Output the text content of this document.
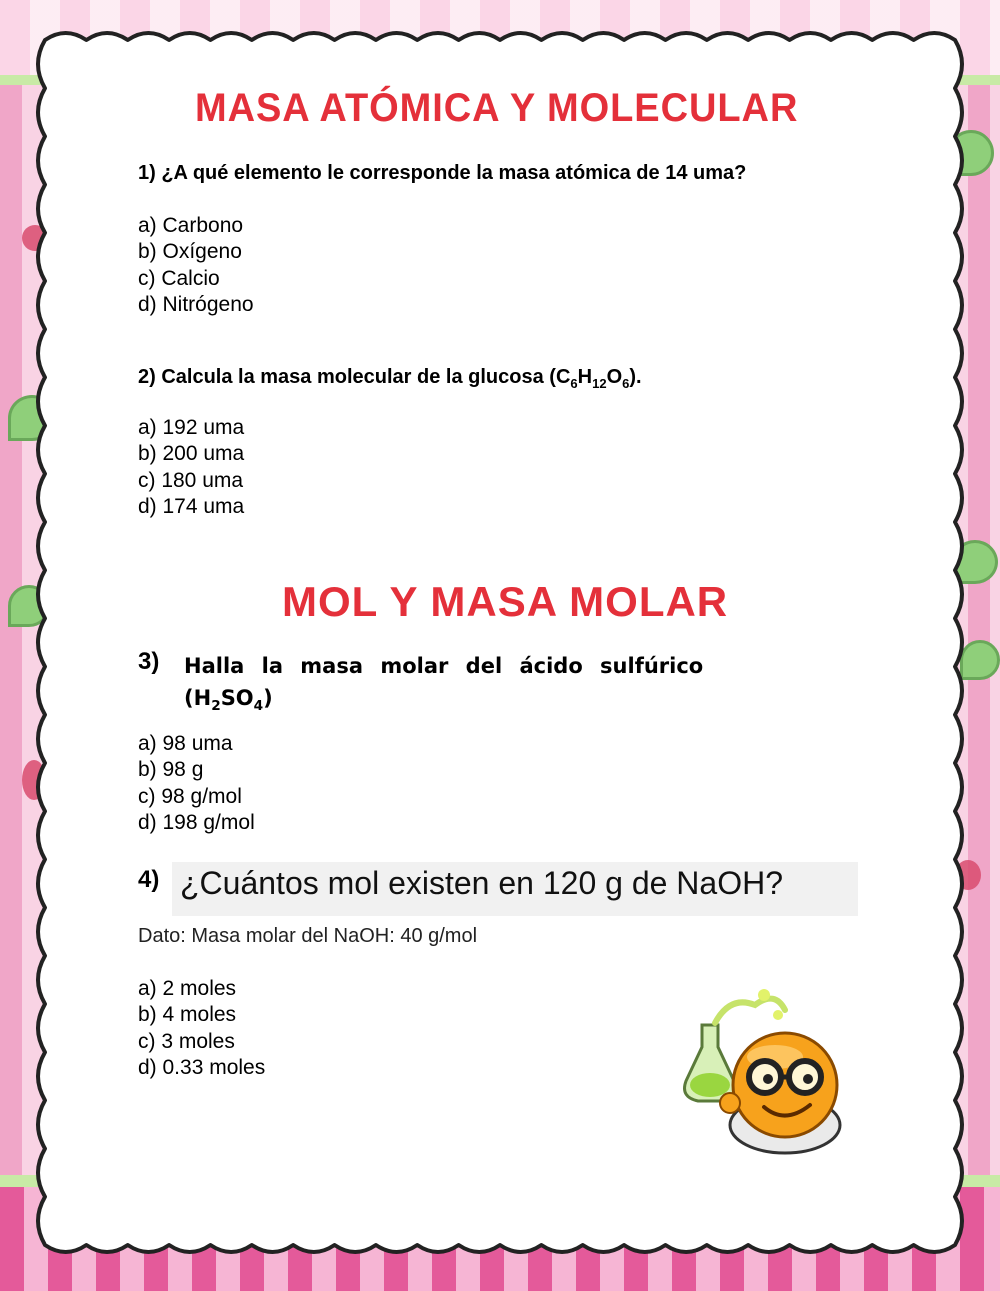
MASA ATÓMICA Y MOLECULAR
1) ¿A qué elemento le corresponde la masa atómica de 14 uma?
a) Carbono
b) Oxígeno
c) Calcio
d) Nitrógeno
2) Calcula la masa molecular de la glucosa $(C_6H_{12}O_6)$.
a) 192 uma
b) 200 uma
c) 180 uma
d) 174 uma
MOL Y MASA MOLAR
3) Halla la masa molar del ácido sulfúrico
$(H_2SO_4)$
a) 98 uma
b) 98 g
c) 98 g/mol
d) 198 g/mol
4) ¿Cuántos mol existen en 120 g de NaOH?
Dato: Masa molar del NaOH: 40 g/mol
a) 2 moles
b) 4 moles
c) 3 moles
d) 0.33 moles
